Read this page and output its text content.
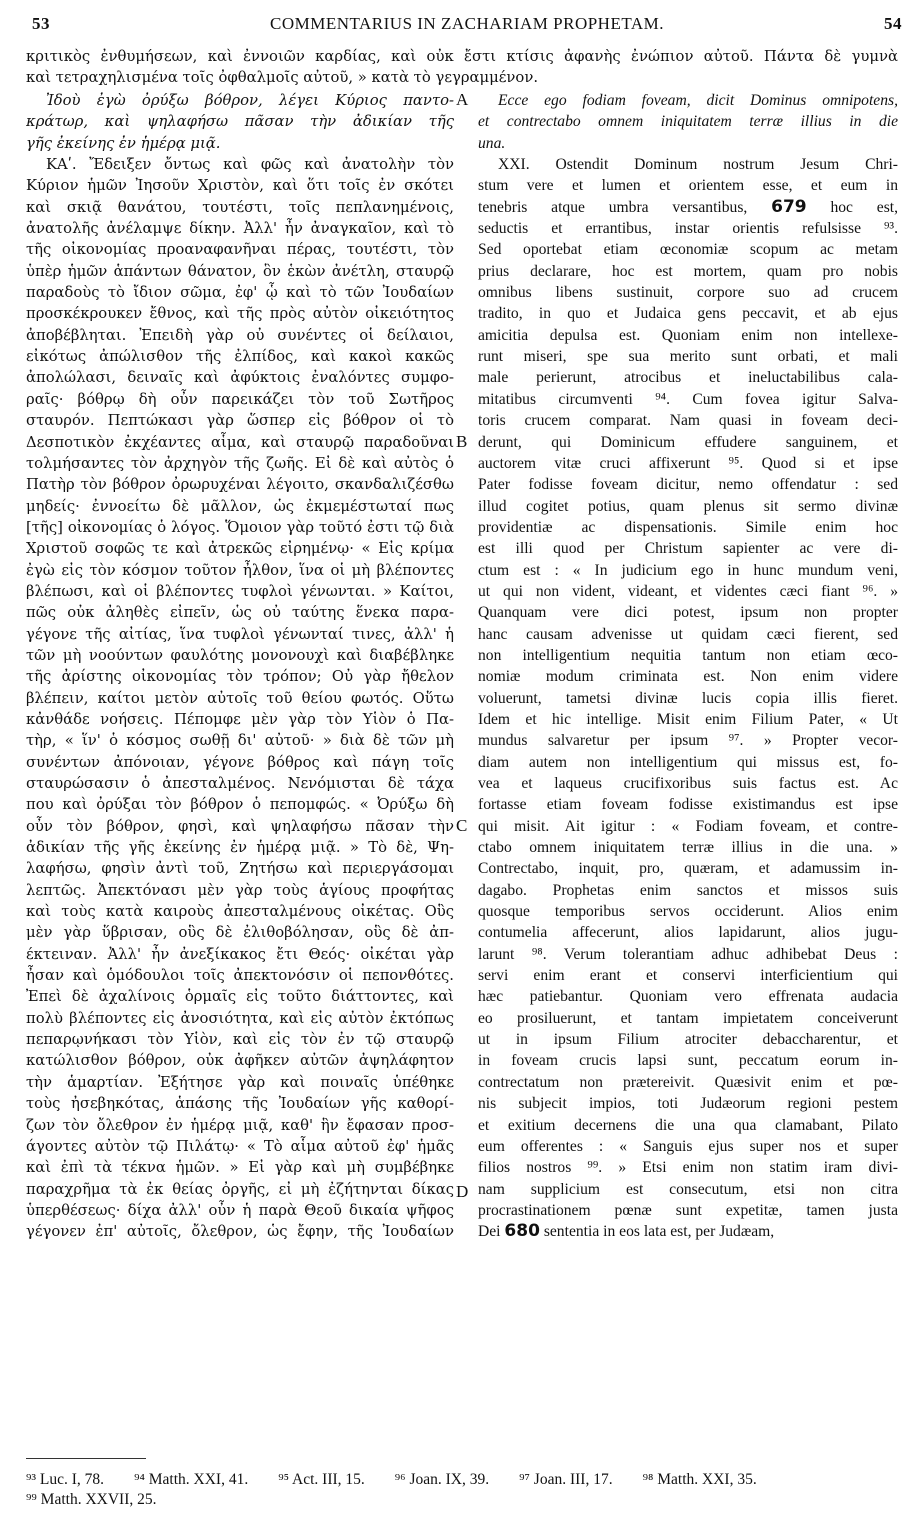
53	COMMENTARIUS IN ZACHARIAM PROPHETAM.	54
κριτικὸς ἐνθυμήσεων, καὶ ἐννοιῶν καρδίας, καὶ οὐκ ἔστι κτίσις ἀφανὴς ἐνώπιον αὐτοῦ. Πάντα δὲ γυμνὰ
καὶ τετραχηλισμένα τοῖς ὀφθαλμοῖς αὐτοῦ, » κατὰ τὸ γεγραμμένον.
Ἰδοὺ ἐγὼ ὀρύξω βόθρον, λέγει Κύριος παντο-
κράτωρ, καὶ ψηλαφήσω πᾶσαν τὴν ἀδικίαν τῆς
γῆς ἐκείνης ἐν ἡμέρᾳ μιᾷ.
ΚΑʹ. Ἔδειξεν ὄντως καὶ φῶς καὶ ἀνατολὴν τὸν
Κύριον ἡμῶν Ἰησοῦν Χριστὸν, καὶ ὅτι τοῖς ἐν σκότει
καὶ σκιᾷ θανάτου, τουτέστι, τοῖς πεπλανημένοις,
ἀνατολῆς ἀνέλαμψε δίκην. Ἀλλ' ἦν ἀναγκαῖον, καὶ τὸ
τῆς οἰκονομίας προαναφανῆναι πέρας, τουτέστι, τὸν
ὑπὲρ ἡμῶν ἁπάντων θάνατον, ὃν ἑκὼν ἀνέτλη, σταυρῷ
παραδοὺς τὸ ἴδιον σῶμα, ἐφ' ᾧ καὶ τὸ τῶν Ἰουδαίων
προσκέκρουκεν ἔθνος, καὶ τῆς πρὸς αὐτὸν οἰκειότητος
ἀποβέβληται. Ἐπειδὴ γὰρ οὐ συνέντες οἱ δείλαιοι,
εἰκότως ἀπώλισθον τῆς ἐλπίδος, καὶ κακοὶ κακῶς
ἀπολώλασι, δειναῖς καὶ ἀφύκτοις ἐναλόντες συμφο-
ραῖς· βόθρῳ δὴ οὖν παρεικάζει τὸν τοῦ Σωτῆρος
σταυρόν. Πεπτώκασι γὰρ ὥσπερ εἰς βόθρον οἱ τὸ
Δεσποτικὸν ἐκχέαντες αἷμα, καὶ σταυρῷ παραδοῦναι
τολμήσαντες τὸν ἀρχηγὸν τῆς ζωῆς. Εἰ δὲ καὶ αὐτὸς ὁ
Πατὴρ τὸν βόθρον ὀρωρυχέναι λέγοιτο, σκανδαλιζέσθω
μηδείς· ἐννοείτω δὲ μᾶλλον, ὡς ἐκμεμέστωταί πως
[τῆς] οἰκονομίας ὁ λόγος. Ὅμοιον γὰρ τοῦτό ἐστι τῷ διὰ
Χριστοῦ σοφῶς τε καὶ ἀτρεκῶς εἰρημένῳ· « Εἰς κρίμα
ἐγὼ εἰς τὸν κόσμον τοῦτον ἦλθον, ἵνα οἱ μὴ βλέποντες
βλέπωσι, καὶ οἱ βλέποντες τυφλοὶ γένωνται. » Καίτοι,
πῶς οὐκ ἀληθὲς εἰπεῖν, ὡς οὐ ταύτης ἕνεκα παρα-
γέγονε τῆς αἰτίας, ἵνα τυφλοὶ γένωνταί τινες, ἀλλ' ἡ
τῶν μὴ νοούντων φαυλότης μονονουχὶ καὶ διαβέβληκε
τῆς ἀρίστης οἰκονομίας τὸν τρόπον; Οὐ γὰρ ἤθελον
βλέπειν, καίτοι μετὸν αὐτοῖς τοῦ θείου φωτός. Οὕτω
κἀνθάδε νοήσεις. Πέπομφε μὲν γὰρ τὸν Υἱὸν ὁ Πα-
τὴρ, « ἵν' ὁ κόσμος σωθῇ δι' αὐτοῦ· » διὰ δὲ τῶν μὴ
συνέντων ἀπόνοιαν, γέγονε βόθρος καὶ πάγη τοῖς
σταυρώσασιν ὁ ἀπεσταλμένος. Νενόμισται δὲ τάχα
που καὶ ὀρύξαι τὸν βόθρον ὁ πεπομφώς. « Ὀρύξω δὴ
οὖν τὸν βόθρον, φησὶ, καὶ ψηλαφήσω πᾶσαν τὴν
ἀδικίαν τῆς γῆς ἐκείνης ἐν ἡμέρᾳ μιᾷ. » Τὸ δὲ, Ψη-
λαφήσω, φησὶν ἀντὶ τοῦ, Ζητήσω καὶ περιεργάσομαι
λεπτῶς. Ἀπεκτόνασι μὲν γὰρ τοὺς ἁγίους προφήτας
καὶ τοὺς κατὰ καιροὺς ἀπεσταλμένους οἰκέτας. Οὓς
μὲν γὰρ ὕβρισαν, οὓς δὲ ἐλιθοβόλησαν, οὓς δὲ ἀπ-
έκτειναν. Ἀλλ' ἦν ἀνεξίκακος ἔτι Θεός· οἰκέται γὰρ
ἦσαν καὶ ὁμόδουλοι τοῖς ἀπεκτονόσιν οἱ πεπονθότες.
Ἐπεὶ δὲ ἀχαλίνοις ὁρμαῖς εἰς τοῦτο διάττοντες, καὶ
πολὺ βλέποντες εἰς ἀνοσιότητα, καὶ εἰς αὐτὸν ἐκτόπως
πεπαρῳνήκασι τὸν Υἱὸν, καὶ εἰς τὸν ἐν τῷ σταυρῷ
κατώλισθον βόθρον, οὐκ ἀφῆκεν αὐτῶν ἀψηλάφητον
τὴν ἁμαρτίαν. Ἐξήτησε γὰρ καὶ ποιναῖς ὑπέθηκε
τοὺς ἠσεβηκότας, ἁπάσης τῆς Ἰουδαίων γῆς καθορί-
ζων τὸν ὄλεθρον ἐν ἡμέρᾳ μιᾷ, καθ' ἣν ἔφασαν προσ-
άγοντες αὐτὸν τῷ Πιλάτῳ· « Τὸ αἷμα αὐτοῦ ἐφ' ἡμᾶς
καὶ ἐπὶ τὰ τέκνα ἡμῶν. » Εἰ γὰρ καὶ μὴ συμβέβηκε
παραχρῆμα τὰ ἐκ θείας ὀργῆς, εἰ μὴ ἐζήτηνται δίκας
ὑπερθέσεως· δίχα ἀλλ' οὖν ἡ παρὰ Θεοῦ δικαία ψῆφος
γέγονεν ἐπ' αὐτοῖς, ὄλεθρον, ὡς ἔφην, τῆς Ἰουδαίων
Ecce ego fodiam foveam, dicit Dominus omnipotens,
et contrectabo omnem iniquitatem terræ illius in die
una.
XXI. Ostendit Dominum nostrum Jesum Chri-
stum vere et lumen et orientem esse, et eum in
tenebris atque umbra versantibus, 679 hoc est,
seductis et errantibus, instar orientis refulsisse ⁹³.
Sed oportebat etiam œconomiæ scopum ac metam
prius declarare, hoc est mortem, quam pro nobis
omnibus libens sustinuit, corpore suo ad crucem
tradito, in quo et Judaica gens peccavit, et ab ejus
amicitia depulsa est. Quoniam enim non intellexe-
runt miseri, spe sua merito sunt orbati, et mali
male perierunt, atrocibus et ineluctabilibus cala-
mitatibus circumventi ⁹⁴. Cum fovea igitur Salva-
toris crucem comparat. Nam quasi in foveam deci-
derunt, qui Dominicum effudere sanguinem, et
auctorem vitæ cruci affixerunt ⁹⁵. Quod si et ipse
Pater fodisse foveam dicitur, nemo offendatur : sed
illud cogitet potius, quam plenus sit sermo divinæ
providentiæ ac dispensationis. Simile enim hoc
est illi quod per Christum sapienter ac vere di-
ctum est : « In judicium ego in hunc mundum veni,
ut qui non vident, videant, et videntes cæci fiant ⁹⁶. »
Quanquam vere dici potest, ipsum non propter
hanc causam advenisse ut quidam cæci fierent, sed
non intelligentium nequitia tantum non etiam œco-
nomiæ modum criminata est. Non enim videre
voluerunt, tametsi divinæ lucis copia illis fieret.
Idem et hic intellige. Misit enim Filium Pater, « Ut
mundus salvaretur per ipsum ⁹⁷. » Propter vecor-
diam autem non intelligentium qui missus est, fo-
vea et laqueus crucifixoribus suis factus est. Ac
fortasse etiam foveam fodisse existimandus est ipse
qui misit. Ait igitur : « Fodiam foveam, et contre-
ctabo omnem iniquitatem terræ illius in die una. »
Contrectabo, inquit, pro, quæram, et adamussim in-
dagabo. Prophetas enim sanctos et missos suis
quosque temporibus servos occiderunt. Alios enim
contumelia affecerunt, alios lapidarunt, alios jugu-
larunt ⁹⁸. Verum tolerantiam adhuc adhibebat Deus :
servi enim erant et conservi interficientium qui
hæc patiebantur. Quoniam vero effrenata audacia
eo prosiluerunt, et tantam impietatem conceiverunt
ut in ipsum Filium atrociter debaccharentur, et
in foveam crucis lapsi sunt, peccatum eorum in-
contrectatum non prætereivit. Quæsivit enim et pœ-
nis subjecit impios, toti Judæorum regioni pestem
et exitium decernens die una qua clamabant, Pilato
eum offerentes : « Sanguis ejus super nos et super
filios nostros ⁹⁹. » Etsi enim non statim iram divi-
nam supplicium est consecutum, etsi non citra
procrastinationem pœnæ sunt expetitæ, tamen justa
Dei 680 sententia in eos lata est, per Judæam,
A
B
C
D
⁹³ Luc. I, 78. ⁹⁴ Matth. XXI, 41. ⁹⁵ Act. III, 15. ⁹⁶ Joan. IX, 39. ⁹⁷ Joan. III, 17. ⁹⁸ Matth. XXI, 35.
⁹⁹ Matth. XXVII, 25.
